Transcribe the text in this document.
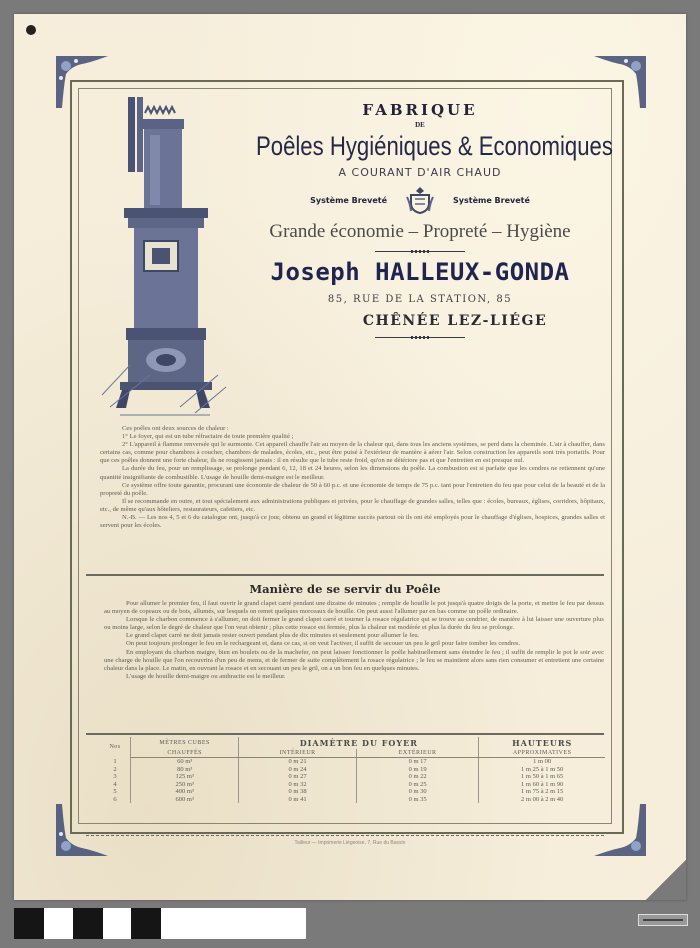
FABRIQUE
DE
Poêles Hygiéniques & Economiques
A COURANT D'AIR CHAUD
Système Breveté	Système Breveté
Grande économie – Propreté – Hygiène
Joseph HALLEUX-GONDA
85, RUE DE LA STATION, 85
CHÊNÉE LEZ-LIÉGE

Ces poêles ont deux sources de chaleur :

1° Le foyer, qui est un tube réfractaire de toute première qualité ;

2° L'appareil à flamme renversée qui le surmonte. Cet appareil chauffe l'air au moyen de la chaleur qui, dans tous les anciens systèmes, se perd dans la cheminée. L'air à chauffer, dans certains cas, comme pour chambres à coucher, chambres de malades, écoles, etc., peut être puisé à l'extérieur de manière à aérer l'air. Selon construction les appareils sont très portatifs. Pour que ces poêles donnent une forte chaleur, ils ne rougissent jamais : il en résulte que le tube reste froid, qu'on ne détériore pas et que l'entretien en est presque nul.

La durée du feu, pour un remplissage, se prolonge pendant 6, 12, 18 et 24 heures, selon les dimensions du poêle. La combustion est si parfaite que les cendres ne retiennent qu'une quantité insignifiante de combustible. L'usage de houille demi-maigre est le meilleur.

Ce système offre toute garantie, procurant une économie de chaleur de 50 à 60 p.c. et une économie de temps de 75 p.c. tant pour l'entretien du feu que pour celui de la beauté et de la propreté du poêle.

Il se recommande en outre, et tout spécialement aux administrations publiques et privées, pour le chauffage de grandes salles, telles que : écoles, bureaux, églises, corridors, hôpitaux, etc., de même qu'aux hôteliers, restaurateurs, cafetiers, etc.

N.-B. — Les nos 4, 5 et 6 du catalogue ont, jusqu'à ce jour, obtenu un grand et légitime succès partout où ils ont été employés pour le chauffage d'églises, hospices, grandes salles et servent pour les écoles.

Manière de se servir du Poêle

Pour allumer le premier feu, il faut ouvrir le grand clapet carré pendant une dizaine de minutes ; remplir de houille le pot jusqu'à quatre doigts de la porte, et mettre le feu par dessus au moyen de copeaux ou de bois, allumés, sur lesquels on remet quelques morceaux de houille. On peut aussi l'allumer par en bas comme un poêle ordinaire.

Lorsque le charbon commence à s'allumer, on doit fermer le grand clapet carré et tourner la rosace régulatrice qui se trouve au cendrier, de manière à lui laisser une ouverture plus ou moins large, selon le degré de chaleur que l'on veut obtenir ; plus cette rosace est fermée, plus la chaleur est modérée et plus la durée du feu se prolonge.

Le grand clapet carré ne doit jamais rester ouvert pendant plus de dix minutes et seulement pour allumer le feu.

On peut toujours prolonger le feu en le rechargeant et, dans ce cas, si on veut l'activer, il suffit de secouer un peu le gril pour faire tomber les cendres.

En employant du charbon maigre, bien en boulets ou de la machefer, on peut laisser fonctionner le poêle habituellement sans éteindre le feu ; il suffit de remplir le pot le soir avec une charge de houille que l'on recouvrira d'un peu de menu, et de fermer de suite complètement la rosace régulatrice ; le feu se maintient alors sans rien consumer et entretient une certaine chaleur dans la place. Le matin, en ouvrant la rosace et en secouant un peu le gril, on a un bon feu en quelques minutes.

L'usage de houille demi-maigre ou anthracite est le meilleur.

Nos	MÈTRES CUBES	DIAMÈTRE DU FOYER		HAUTEURS
	CHAUFFÉS	INTÉRIEUR	EXTÉRIEUR	APPROXIMATIVES
1	60 m³	0 m 21	0 m 17	1 m 00
2	80 m³	0 m 24	0 m 19	1 m 25 à 1 m 50
3	125 m³	0 m 27	0 m 22	1 m 50 à 1 m 65
4	250 m³	0 m 32	0 m 25	1 m 60 à 1 m 90
5	400 m³	0 m 38	0 m 30	1 m 75 à 2 m 15
6	600 m³	0 m 41	0 m 35	2 m 00 à 2 m 40
Tailleur — Imprimerie Liégeoise, 7, Rue du Bassin
